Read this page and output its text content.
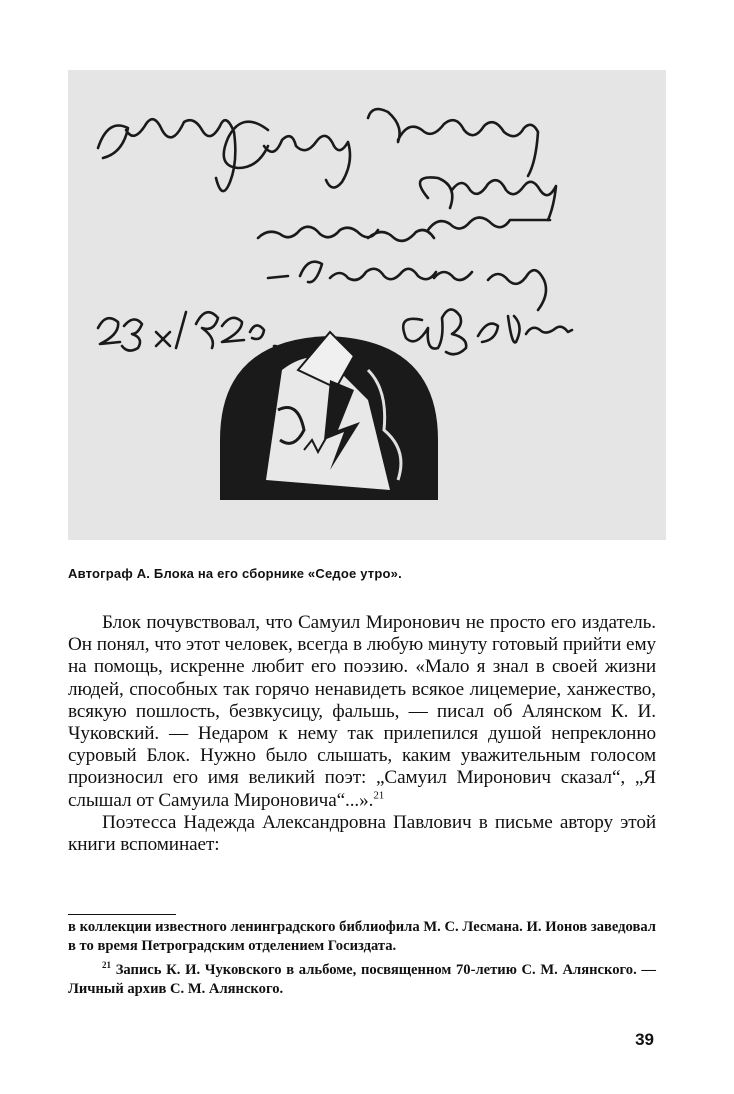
Автограф А. Блока на его сборнике «Седое утро».

Блок почувствовал, что Самуил Миронович не просто его издатель. Он понял, что этот человек, всегда в любую минуту готовый прийти ему на помощь, искренне любит его поэзию. «Мало я знал в своей жизни людей, способных так горячо ненавидеть всякое лицемерие, ханжество, всякую пошлость, безвкусицу, фальшь, — писал об Алянском К. И. Чуковский. — Недаром к нему так прилепился душой непреклонно суровый Блок. Нужно было слышать, каким уважительным голосом произносил его имя великий поэт: „Самуил Миронович сказал“, „Я слышал от Самуила Мироновича“...».$^{21}$

Поэтесса Надежда Александровна Павлович в письме автору этой книги вспоминает:

в коллекции известного ленинградского библиофила М. С. Лесмана. И. Ионов заведовал в то время Петроградским отделением Госиздата.

$^{21}$ Запись К. И. Чуковского в альбоме, посвященном 70-летию С. М. Алянского. — Личный архив С. М. Алянского.

39
